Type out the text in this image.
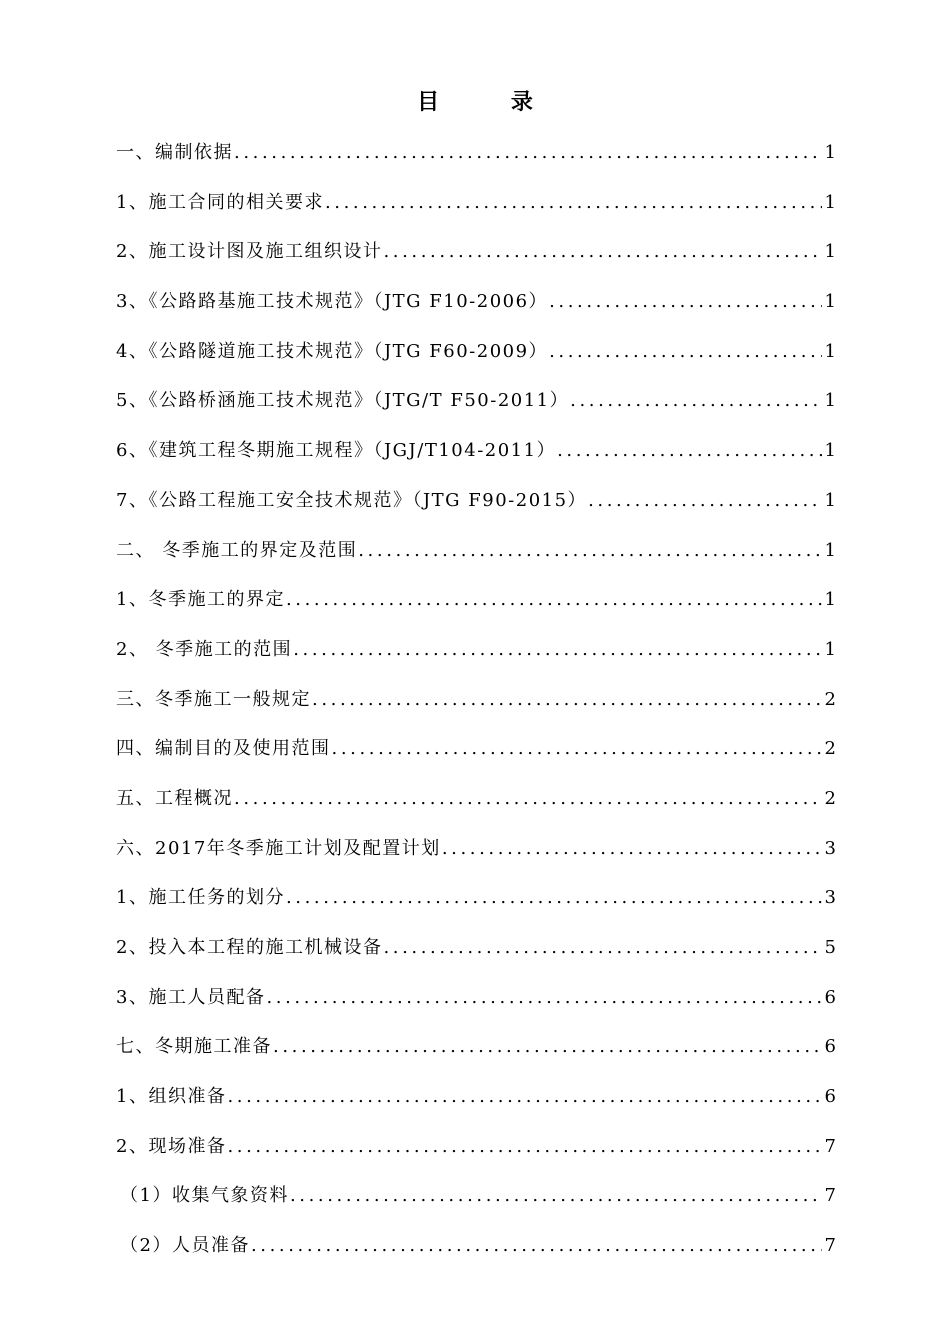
目 录
一、编制依据 .....	1
1、施工合同的相关要求 .....	1
2、施工设计图及施工组织设计 .....	1
3、《公路路基施工技术规范》（JTG F10-2006） .....	1
4、《公路隧道施工技术规范》（JTG F60-2009） .....	1
5、《公路桥涵施工技术规范》（JTG/T F50-2011） .....	1
6、《建筑工程冬期施工规程》（JGJ/T104-2011） .....	1
7、《公路工程施工安全技术规范》（JTG F90-2015） .....	1
二、 冬季施工的界定及范围 .....	1
1、冬季施工的界定 .....	1
2、 冬季施工的范围 .....	1
三、冬季施工一般规定 .....	2
四、编制目的及使用范围 .....	2
五、工程概况 .....	2
六、2017年冬季施工计划及配置计划 .....	3
1、施工任务的划分 .....	3
2、投入本工程的施工机械设备 .....	5
3、施工人员配备 .....	6
七、冬期施工准备 .....	6
1、组织准备 .....	6
2、现场准备 .....	7
（1）收集气象资料 .....	7
（2）人员准备 .....	7
